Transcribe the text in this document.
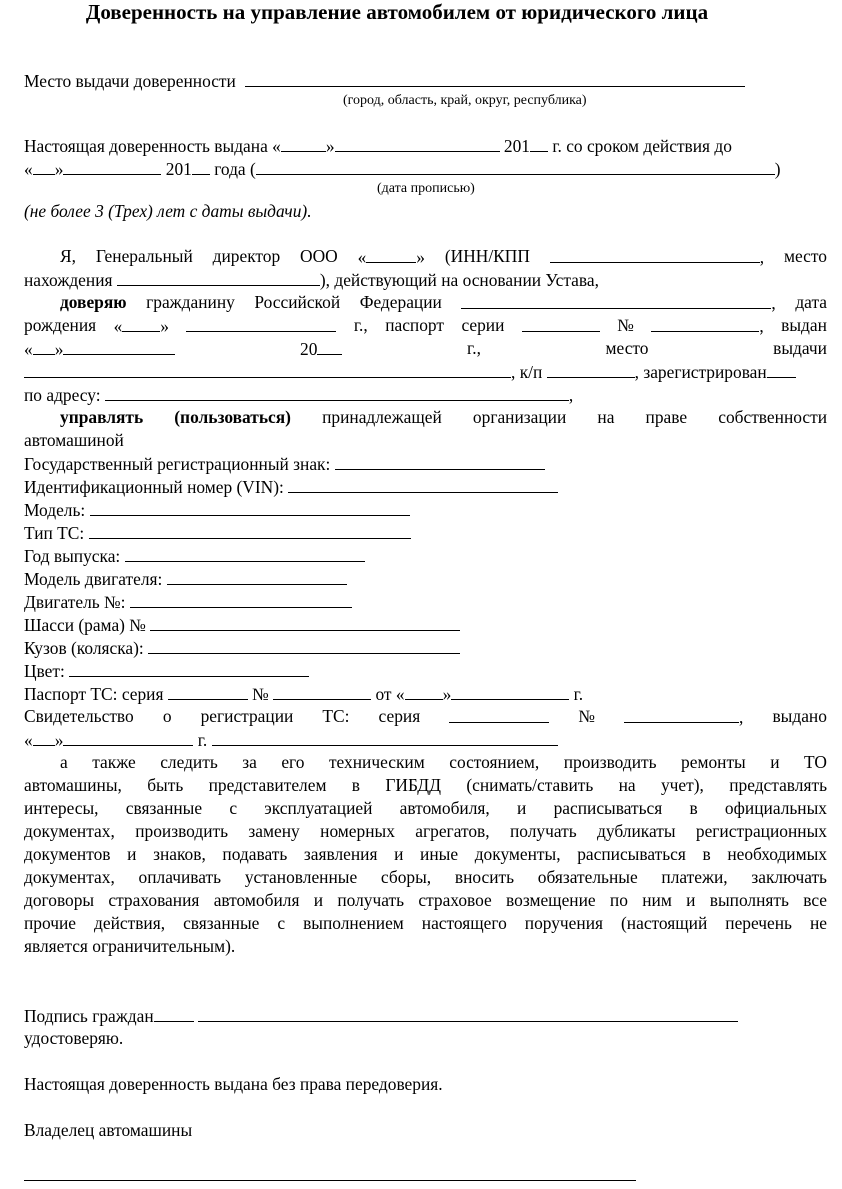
Доверенность на управление автомобилем от юридического лица
Место выдачи доверенности
(город, область, край, округ, республика)
Настоящая доверенность выдана «	»	201 г. со сроком действия до
« »	201 года (	)
(дата прописью)
(не более 3 (Трех) лет с даты выдачи).
Я, Генеральный директор ООО «	» (ИНН/КПП	, место
нахождения	), действующий на основании Устава,
доверяю гражданину Российской Федерации	, дата
рождения « »	г., паспорт серии	№	, выдан
« »	20	г.,	место	выдачи
, к/п	, зарегистрирован
по адресу:	,
управлять (пользоваться) принадлежащей организации на праве собственности
автомашиной
Государственный регистрационный знак:
Идентификационный номер (VIN):
Модель:
Тип ТС:
Год выпуска:
Модель двигателя:
Двигатель №:
Шасси (рама) №
Кузов (коляска):
Цвет:
Паспорт ТС: серия	№	от « »	г.
Свидетельство о регистрации ТС: серия	№	, выдано
« »	г.
а также следить за его техническим состоянием, производить ремонты и ТО
автомашины, быть представителем в ГИБДД (снимать/ставить на учет), представлять
интересы, связанные с эксплуатацией автомобиля, и расписываться в официальных
документах, производить замену номерных агрегатов, получать дубликаты регистрационных
документов и знаков, подавать заявления и иные документы, расписываться в необходимых
документах, оплачивать установленные сборы, вносить обязательные платежи, заключать
договоры страхования автомобиля и получать страховое возмещение по ним и выполнять все
прочие действия, связанные с выполнением настоящего поручения (настоящий перечень не
является ограничительным).
Подпись граждан
удостоверяю.
Настоящая доверенность выдана без права передоверия.
Владелец автомашины
